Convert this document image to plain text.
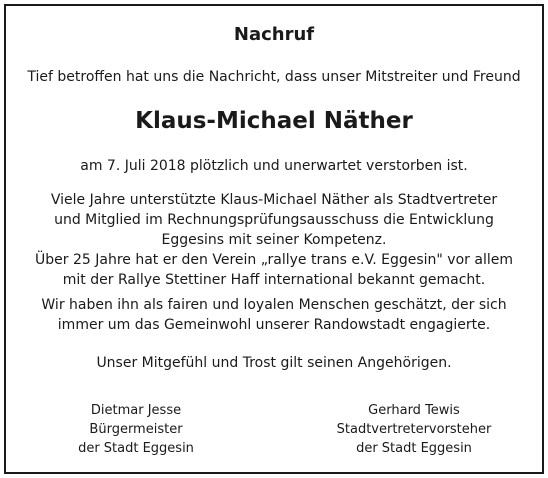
Nachruf
Tief betroffen hat uns die Nachricht, dass unser Mitstreiter und Freund
Klaus-Michael Näther
am 7. Juli 2018 plötzlich und unerwartet verstorben ist.
Viele Jahre unterstützte Klaus-Michael Näther als Stadtvertreter
und Mitglied im Rechnungsprüfungsausschuss die Entwicklung
Eggesins mit seiner Kompetenz.
Über 25 Jahre hat er den Verein „rallye trans e.V. Eggesin" vor allem
mit der Rallye Stettiner Haff international bekannt gemacht.
Wir haben ihn als fairen und loyalen Menschen geschätzt, der sich
immer um das Gemeinwohl unserer Randowstadt engagierte.
Unser Mitgefühl und Trost gilt seinen Angehörigen.
Dietmar Jesse
Bürgermeister
der Stadt Eggesin
Gerhard Tewis
Stadtvertretervorsteher
der Stadt Eggesin
